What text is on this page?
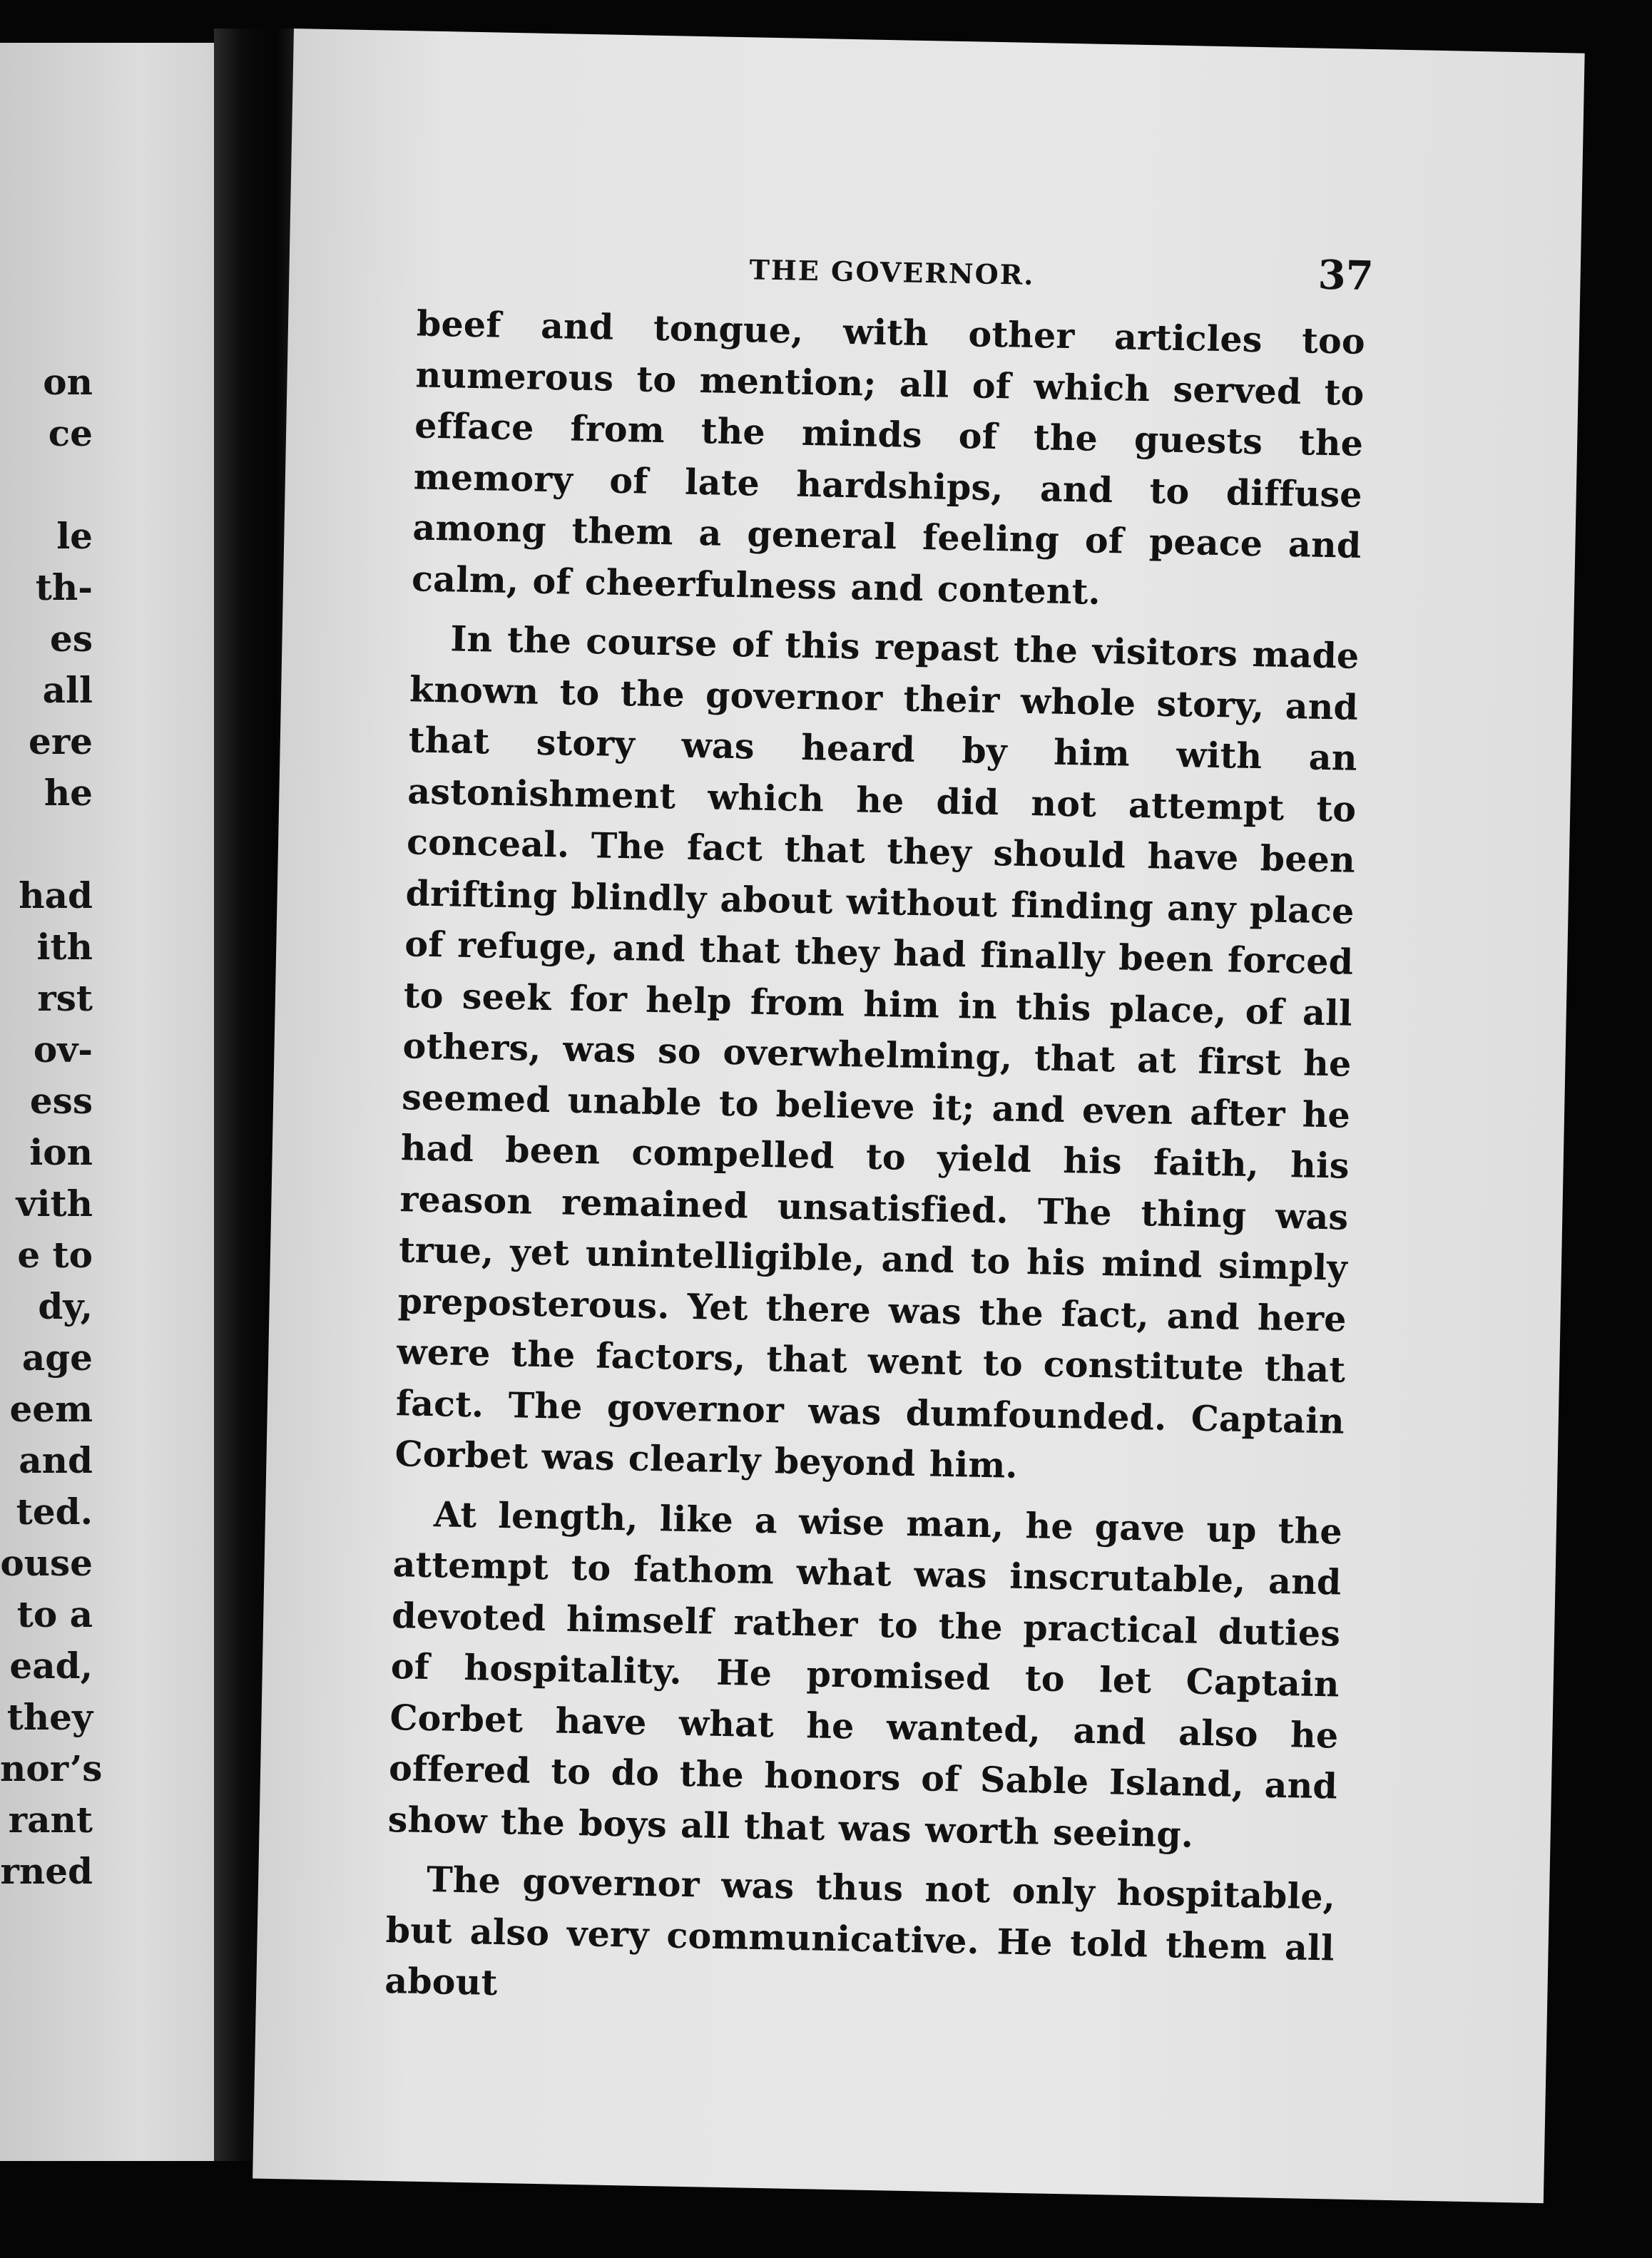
on
ce
le
th-
es
all
ere
he
had
ith
rst
ov-
ess
ion
vith
e to
dy,
age
eem
and
ted.
ouse
to a
ead,
they
nor’s
rant
rned
THE GOVERNOR.	37

beef and tongue, with other articles too numerous to mention; all of which served to efface from the minds of the guests the memory of late hardships, and to diffuse among them a general feeling of peace and calm, of cheerfulness and content.

In the course of this repast the visitors made known to the governor their whole story, and that story was heard by him with an astonishment which he did not attempt to conceal. The fact that they should have been drifting blindly about without finding any place of refuge, and that they had finally been forced to seek for help from him in this place, of all others, was so overwhelming, that at first he seemed unable to believe it; and even after he had been compelled to yield his faith, his reason remained unsatisfied. The thing was true, yet unintelligible, and to his mind simply preposterous. Yet there was the fact, and here were the factors, that went to constitute that fact. The governor was dumfounded. Captain Corbet was clearly beyond him.

At length, like a wise man, he gave up the attempt to fathom what was inscrutable, and devoted himself rather to the practical duties of hospitality. He promised to let Captain Corbet have what he wanted, and also he offered to do the honors of Sable Island, and show the boys all that was worth seeing.

The governor was thus not only hospitable, but also very communicative. He told them all about
